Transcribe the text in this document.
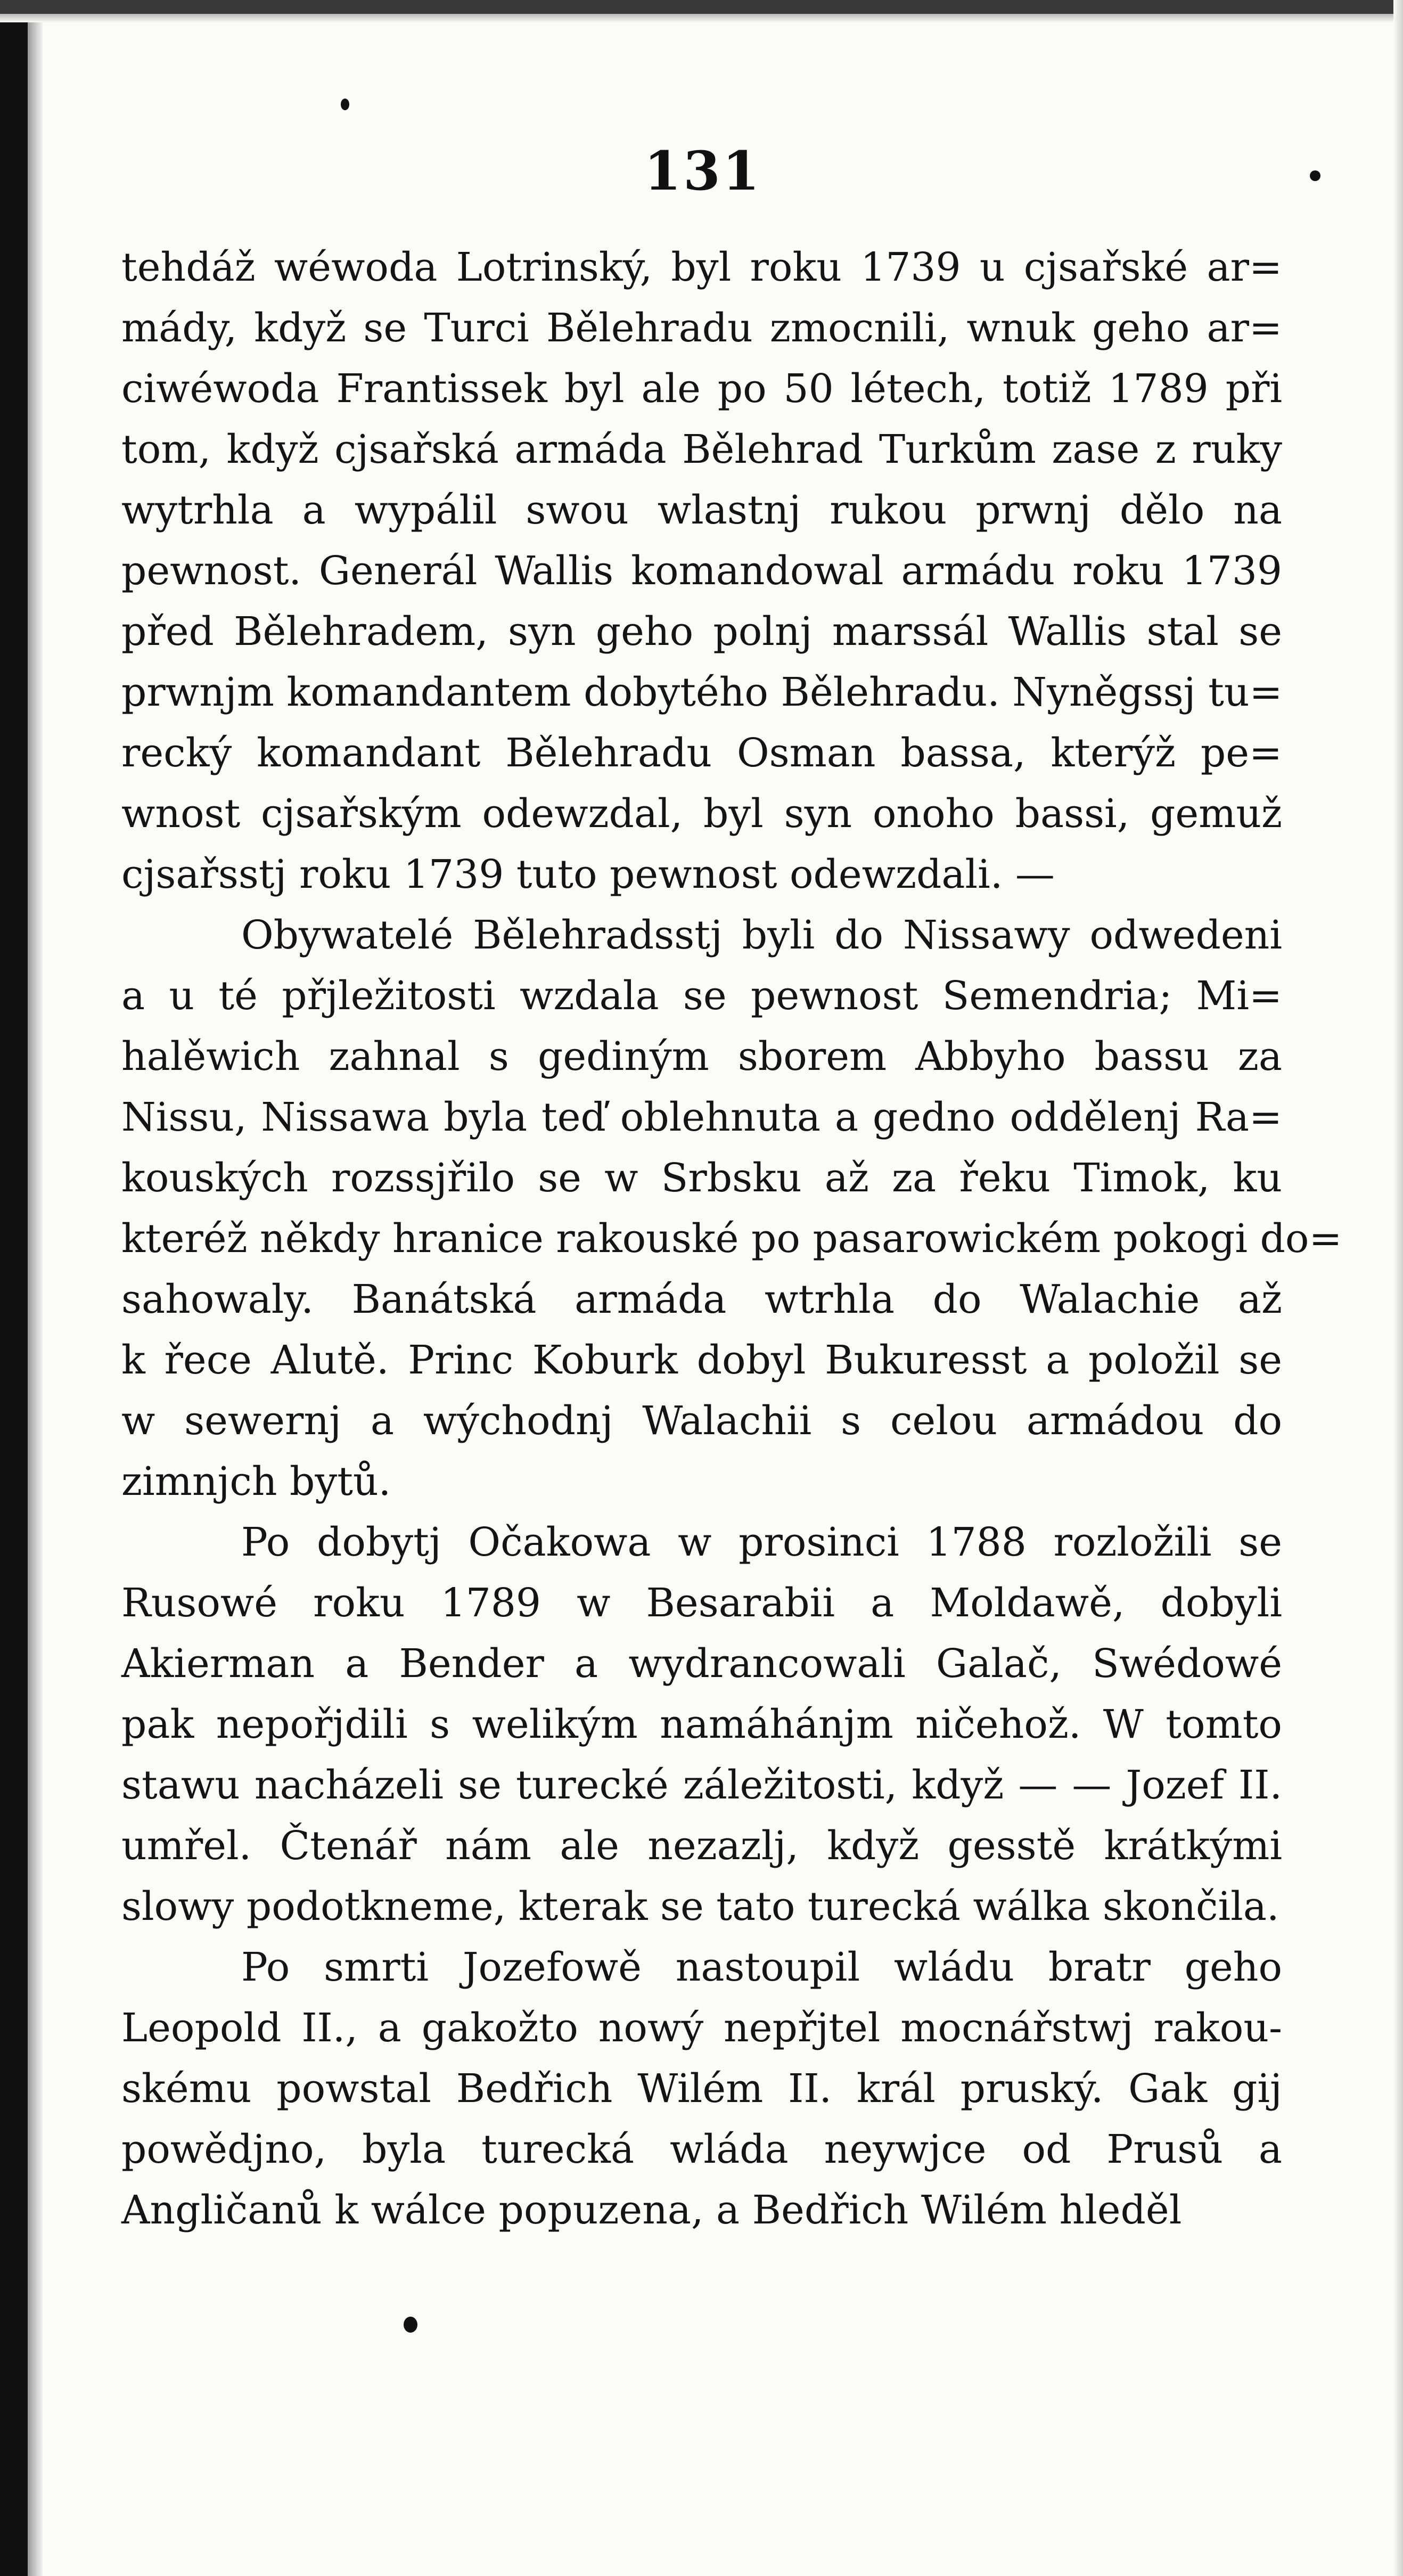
131
tehdáž wéwoda Lotrinský, byl roku 1739 u cjsařské ar=
mády, když se Turci Bělehradu zmocnili, wnuk geho ar=
ciwéwoda Frantissek byl ale po 50 létech, totiž 1789 při
tom, když cjsařská armáda Bělehrad Turkům zase z ruky
wytrhla a wypálil swou wlastnj rukou prwnj dělo na
pewnost. Generál Wallis komandowal armádu roku 1739
před Bělehradem, syn geho polnj marssál Wallis stal se
prwnjm komandantem dobytého Bělehradu. Nyněgssj tu=
recký komandant Bělehradu Osman bassa, kterýž pe=
wnost cjsařským odewzdal, byl syn onoho bassi, gemuž
cjsařsstj roku 1739 tuto pewnost odewzdali. —
Obywatelé Bělehradsstj byli do Nissawy odwedeni
a u té přjležitosti wzdala se pewnost Semendria; Mi=
halěwich zahnal s gediným sborem Abbyho bassu za
Nissu, Nissawa byla teď oblehnuta a gedno oddělenj Ra=
kouských rozssjřilo se w Srbsku až za řeku Timok, ku
kteréž někdy hranice rakouské po pasarowickém pokogi do=
sahowaly. Banátská armáda wtrhla do Walachie až
k řece Alutě. Princ Koburk dobyl Bukuresst a položil se
w sewernj a wýchodnj Walachii s celou armádou do
zimnjch bytů.
Po dobytj Očakowa w prosinci 1788 rozložili se
Rusowé roku 1789 w Besarabii a Moldawě, dobyli
Akierman a Bender a wydrancowali Galač, Swédowé
pak nepořjdili s welikým namáhánjm ničehož. W tomto
stawu nacházeli se turecké záležitosti, když — — Jozef II.
umřel. Čtenář nám ale nezazlj, když gesstě krátkými
slowy podotkneme, kterak se tato turecká wálka skončila.
Po smrti Jozefowě nastoupil wládu bratr geho
Leopold II., a gakožto nowý nepřjtel mocnářstwj rakou-
skému powstal Bedřich Wilém II. král pruský. Gak gij
powědjno, byla turecká wláda neywjce od Prusů a
Angličanů k wálce popuzena, a Bedřich Wilém hleděl
